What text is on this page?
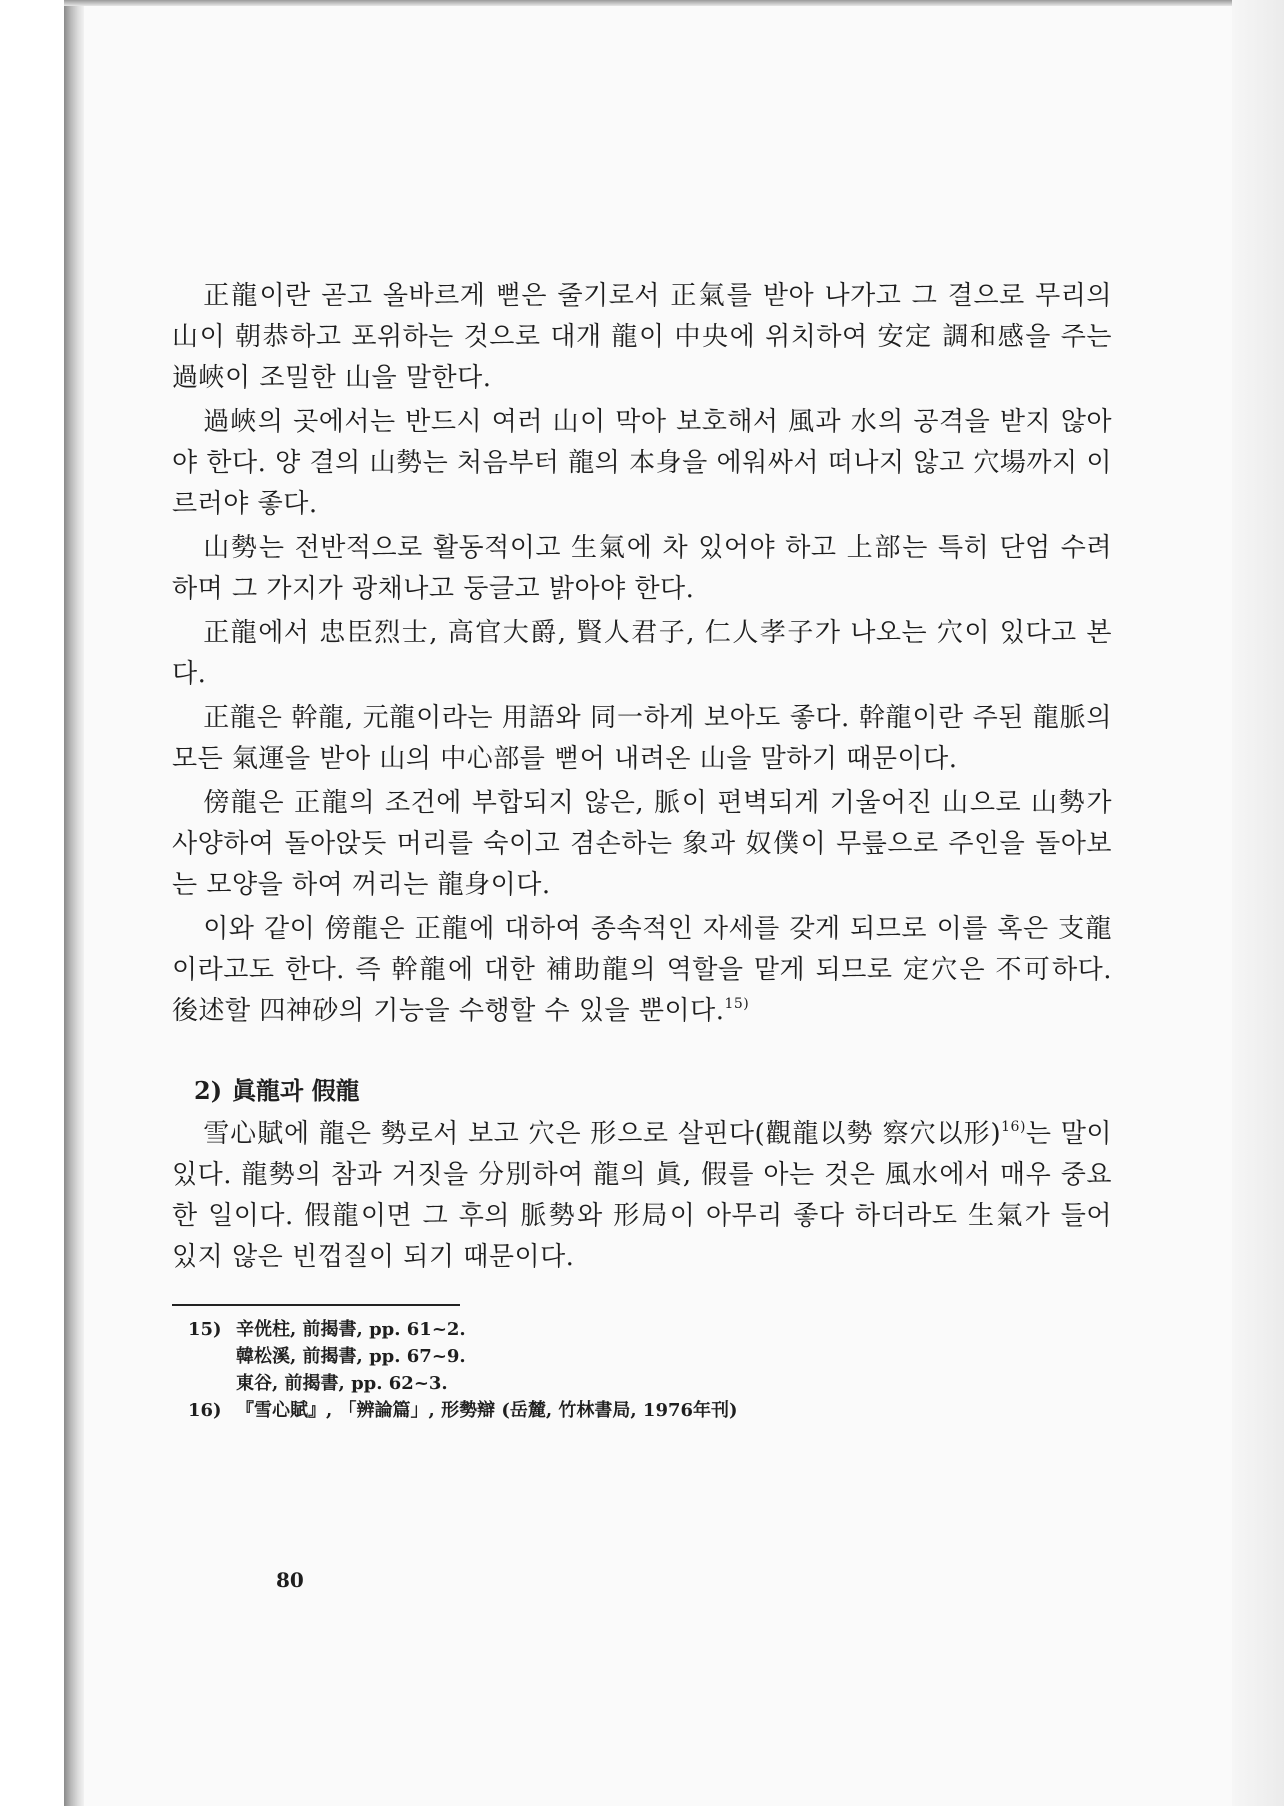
正龍이란 곧고 올바르게 뻗은 줄기로서 正氣를 받아 나가고 그 결으로 무리의 山이 朝恭하고 포위하는 것으로 대개 龍이 中央에 위치하여 安定 調和感을 주는 過峽이 조밀한 山을 말한다.

過峽의 곳에서는 반드시 여러 山이 막아 보호해서 風과 水의 공격을 받지 않아야 한다. 양 결의 山勢는 처음부터 龍의 本身을 에워싸서 떠나지 않고 穴場까지 이르러야 좋다.

山勢는 전반적으로 활동적이고 生氣에 차 있어야 하고 上部는 특히 단엄 수려하며 그 가지가 광채나고 둥글고 밝아야 한다.

正龍에서 忠臣烈士, 高官大爵, 賢人君子, 仁人孝子가 나오는 穴이 있다고 본다.

正龍은 幹龍, 元龍이라는 用語와 同一하게 보아도 좋다. 幹龍이란 주된 龍脈의 모든 氣運을 받아 山의 中心部를 뻗어 내려온 山을 말하기 때문이다.

傍龍은 正龍의 조건에 부합되지 않은, 脈이 편벽되게 기울어진 山으로 山勢가 사양하여 돌아앉듯 머리를 숙이고 겸손하는 象과 奴僕이 무릎으로 주인을 돌아보는 모양을 하여 꺼리는 龍身이다.

이와 같이 傍龍은 正龍에 대하여 종속적인 자세를 갖게 되므로 이를 혹은 支龍이라고도 한다. 즉 幹龍에 대한 補助龍의 역할을 맡게 되므로 定穴은 不可하다. 後述할 四神砂의 기능을 수행할 수 있을 뿐이다.$^{15)}$

2) 眞龍과 假龍

雪心賦에 龍은 勢로서 보고 穴은 形으로 살핀다(觀龍以勢 察穴以形)$^{16)}$는 말이 있다. 龍勢의 참과 거짓을 分別하여 龍의 眞, 假를 아는 것은 風水에서 매우 중요한 일이다. 假龍이면 그 후의 脈勢와 形局이 아무리 좋다 하더라도 生氣가 들어 있지 않은 빈껍질이 되기 때문이다.

15) 辛侊柱, 前揭書, pp. 61~2.
韓松溪, 前揭書, pp. 67~9.
東谷, 前揭書, pp. 62~3.
16) 『雪心賦』, 「辨論篇」, 形勢辯 (岳麓, 竹林書局, 1976年刊)
80
